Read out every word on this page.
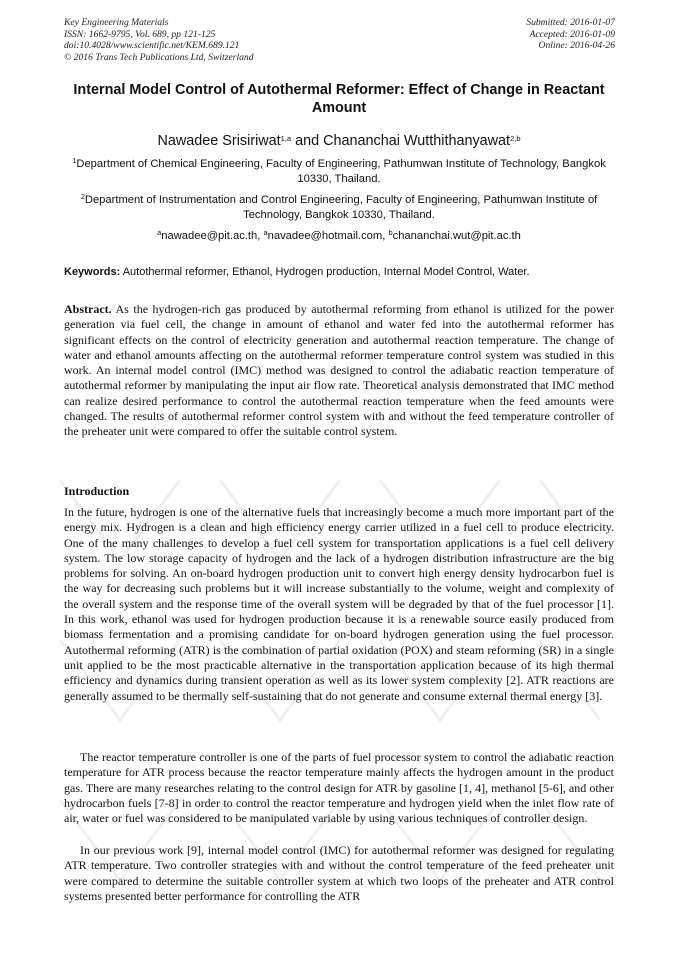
Key Engineering Materials
ISSN: 1662-9795, Vol. 689, pp 121-125
doi:10.4028/www.scientific.net/KEM.689.121
© 2016 Trans Tech Publications Ltd, Switzerland
Submitted: 2016-01-07
Accepted: 2016-01-09
Online: 2016-04-26
Internal Model Control of Autothermal Reformer: Effect of Change in Reactant Amount
Nawadee Srisiriwat$^{1,a}$ and Chananchai Wutthithanyawat$^{2,b}$
$^1$Department of Chemical Engineering, Faculty of Engineering, Pathumwan Institute of Technology, Bangkok 10330, Thailand.
$^2$Department of Instrumentation and Control Engineering, Faculty of Engineering, Pathumwan Institute of Technology, Bangkok 10330, Thailand.
$^a$nawadee@pit.ac.th, $^a$navadee@hotmail.com, $^b$chananchai.wut@pit.ac.th
Keywords: Autothermal reformer, Ethanol, Hydrogen production, Internal Model Control, Water.

Abstract. As the hydrogen-rich gas produced by autothermal reforming from ethanol is utilized for the power generation via fuel cell, the change in amount of ethanol and water fed into the autothermal reformer has significant effects on the control of electricity generation and autothermal reaction temperature. The change of water and ethanol amounts affecting on the autothermal reformer temperature control system was studied in this work. An internal model control (IMC) method was designed to control the adiabatic reaction temperature of autothermal reformer by manipulating the input air flow rate. Theoretical analysis demonstrated that IMC method can realize desired performance to control the autothermal reaction temperature when the feed amounts were changed. The results of autothermal reformer control system with and without the feed temperature controller of the preheater unit were compared to offer the suitable control system.

Introduction

In the future, hydrogen is one of the alternative fuels that increasingly become a much more important part of the energy mix. Hydrogen is a clean and high efficiency energy carrier utilized in a fuel cell to produce electricity. One of the many challenges to develop a fuel cell system for transportation applications is a fuel cell delivery system. The low storage capacity of hydrogen and the lack of a hydrogen distribution infrastructure are the big problems for solving. An on-board hydrogen production unit to convert high energy density hydrocarbon fuel is the way for decreasing such problems but it will increase substantially to the volume, weight and complexity of the overall system and the response time of the overall system will be degraded by that of the fuel processor [1]. In this work, ethanol was used for hydrogen production because it is a renewable source easily produced from biomass fermentation and a promising candidate for on-board hydrogen generation using the fuel processor. Autothermal reforming (ATR) is the combination of partial oxidation (POX) and steam reforming (SR) in a single unit applied to be the most practicable alternative in the transportation application because of its high thermal efficiency and dynamics during transient operation as well as its lower system complexity [2]. ATR reactions are generally assumed to be thermally self-sustaining that do not generate and consume external thermal energy [3].

The reactor temperature controller is one of the parts of fuel processor system to control the adiabatic reaction temperature for ATR process because the reactor temperature mainly affects the hydrogen amount in the product gas. There are many researches relating to the control design for ATR by gasoline [1, 4], methanol [5-6], and other hydrocarbon fuels [7-8] in order to control the reactor temperature and hydrogen yield when the inlet flow rate of air, water or fuel was considered to be manipulated variable by using various techniques of controller design.

In our previous work [9], internal model control (IMC) for autothermal reformer was designed for regulating ATR temperature. Two controller strategies with and without the control temperature of the feed preheater unit were compared to determine the suitable controller system at which two loops of the preheater and ATR control systems presented better performance for controlling the ATR
